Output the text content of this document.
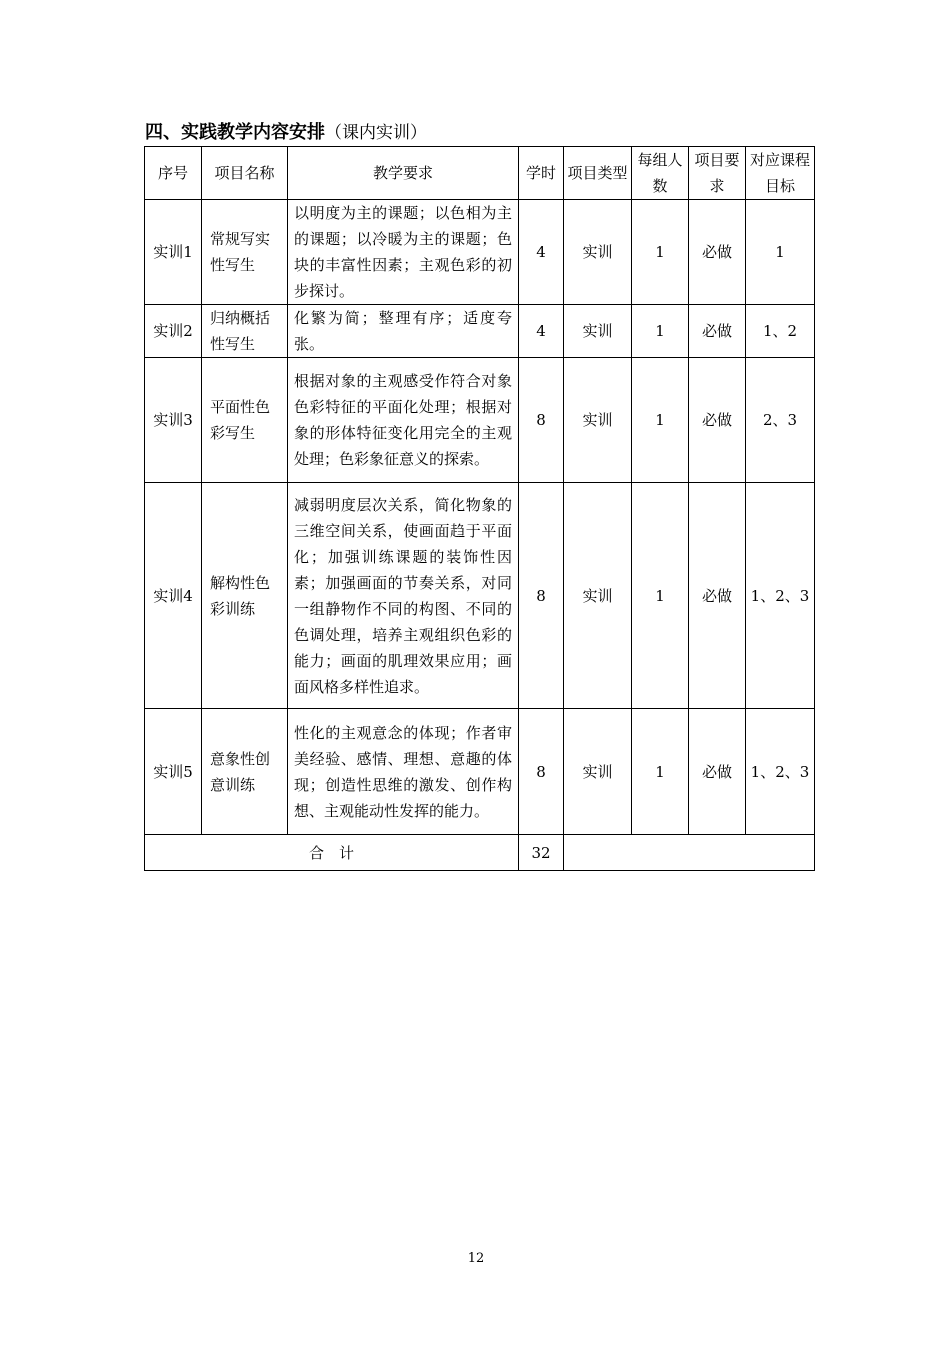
四、实践教学内容安排（课内实训）
序号	项目名称	教学要求	学时	项目类型	每组人数	项目要求	对应课程目标
实训1	常规写实性写生	以明度为主的课题；以色相为主的课题；以冷暖为主的课题；色块的丰富性因素；主观色彩的初步探讨。	4	实训	1	必做	1
实训2	归纳概括性写生	化繁为简；整理有序；适度夸张。	4	实训	1	必做	1、2
实训3	平面性色彩写生	根据对象的主观感受作符合对象色彩特征的平面化处理；根据对象的形体特征变化用完全的主观处理；色彩象征意义的探索。	8	实训	1	必做	2、3
实训4	解构性色彩训练	减弱明度层次关系，简化物象的三维空间关系，使画面趋于平面化；加强训练课题的装饰性因素；加强画面的节奏关系，对同一组静物作不同的构图、不同的色调处理，培养主观组织色彩的能力；画面的肌理效果应用；画面风格多样性追求。	8	实训	1	必做	1、2、3
实训5	意象性创意训练	性化的主观意念的体现；作者审美经验、感情、理想、意趣的体现；创造性思维的激发、创作构想、主观能动性发挥的能力。	8	实训	1	必做	1、2、3
合　计			32				
12
